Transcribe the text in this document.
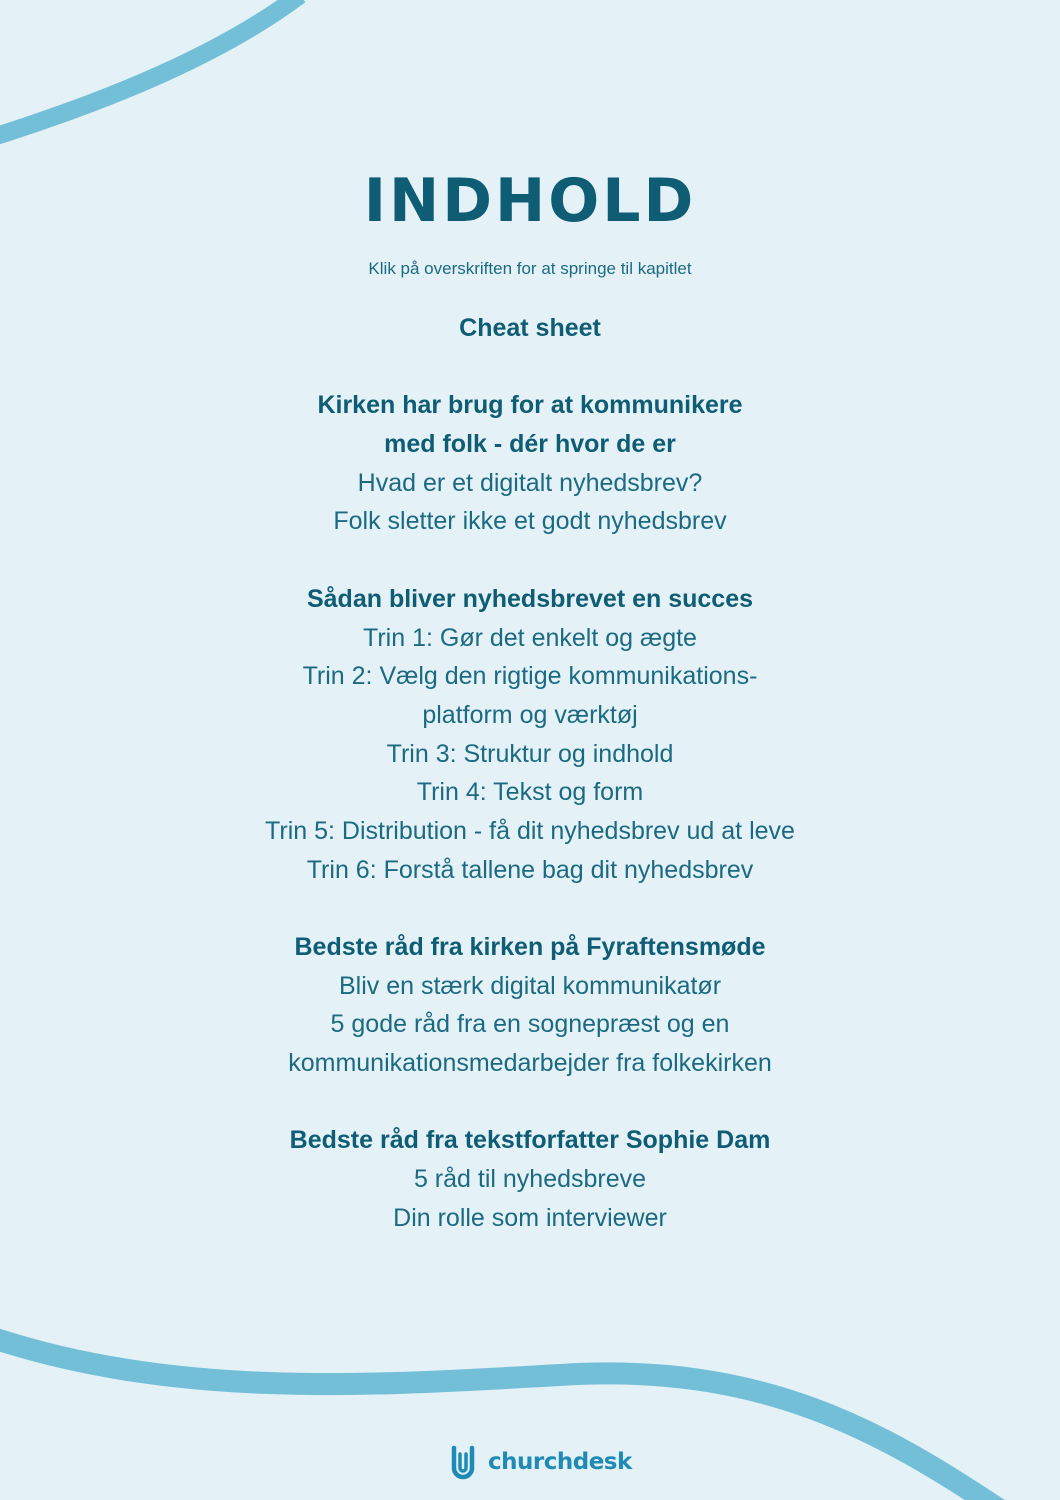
INDHOLD
Klik på overskriften for at springe til kapitlet
Cheat sheet
Kirken har brug for at kommunikere
med folk - dér hvor de er
Hvad er et digitalt nyhedsbrev?
Folk sletter ikke et godt nyhedsbrev
Sådan bliver nyhedsbrevet en succes
Trin 1: Gør det enkelt og ægte
Trin 2: Vælg den rigtige kommunikations-
platform og værktøj
Trin 3: Struktur og indhold
Trin 4: Tekst og form
Trin 5: Distribution - få dit nyhedsbrev ud at leve
Trin 6: Forstå tallene bag dit nyhedsbrev
Bedste råd fra kirken på Fyraftensmøde
Bliv en stærk digital kommunikatør
5 gode råd fra en sognepræst og en
kommunikationsmedarbejder fra folkekirken
Bedste råd fra tekstforfatter Sophie Dam
5 råd til nyhedsbreve
Din rolle som interviewer
churchdesk
